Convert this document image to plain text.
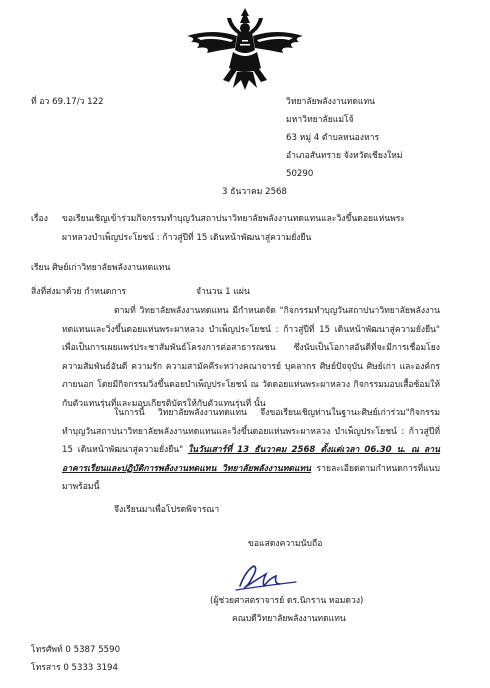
ที่ อว 69.17/ว 122	วิทยาลัยพลังงานทดแทน
มหาวิทยาลัยแม่โจ้
63 หมู่ 4 ตำบลหนองหาร
อำเภอสันทราย จังหวัดเชียงใหม่
50290
3 ธันวาคม 2568
เรื่อง ขอเรียนเชิญเข้าร่วมกิจกรรมทำบุญวันสถาปนาวิทยาลัยพลังงานทดแทนและวิงขึ้นดอยแห่นพระ
ผาหลวงบำเพ็ญประโยชน์ : ก้าวสู่ปีที่ 15 เดินหน้าพัฒนาสู่ความยั่งยืน
เรียน ศิษย์เก่าวิทยาลัยพลังงานทดแทน
สิ่งที่ส่งมาด้วย กำหนดการ	จำนวน 1 แผ่น
ตามที่ วิทยาลัยพลังงานทดแทน มีกำหนดจัด "กิจกรรมทำบุญวันสถาปนาวิทยาลัยพลังงานทดแทนและวิ่งขึ้นดอยแห่นพระผาหลวง บำเพ็ญประโยชน์ : ก้าวสู่ปีที่ 15 เดินหน้าพัฒนาสู่ความยั่งยืน" เพื่อเป็นการเผยแพร่ประชาสัมพันธ์โครงการต่อสาธารณชน ซึ่งนับเป็นโอกาสอันดีที่จะมีการเชื่อมโยงความสัมพันธ์อันดี ความรัก ความสามัคคีระหว่างคณาจารย์ บุคลากร ศิษย์ปัจจุบัน ศิษย์เก่า และองค์กรภายนอก โดยมีกิจกรรมวิ่งขึ้นดอยบำเพ็ญประโยชน์ ณ วัดดอยแห่นพระผาหลวง กิจกรรมมอบเสื้อซ้อมให้กับตัวแทนรุ่นที่และมอบเกียรติบัตรให้กับตัวแทนรุ่นที่ นั้น
ในการนี้ วิทยาลัยพลังงานทดแทน จึงขอเรียนเชิญท่านในฐานะศิษย์เก่าร่วม"กิจกรรมทำบุญวันสถาปนาวิทยาลัยพลังงานทดแทนและวิ่งขึ้นดอยแห่นพระผาหลวง บำเพ็ญประโยชน์ : ก้าวสู่ปีที่ 15 เดินหน้าพัฒนาสู่ความยั่งยืน" ในวันเสาร์ที่ 13 ธันวาคม 2568 ตั้งแต่เวลา 06.30 น. ณ ลานอาคารเรียนและปฏิบัติการพลังงานทดแทน วิทยาลัยพลังงานทดแทน รายละเอียดตามกำหนดการที่แนบมาพร้อมนี้
จึงเรียนมาเพื่อโปรดพิจารณา
ขอแสดงความนับถือ
(ผู้ช่วยศาสตราจารย์ ดร.นิกราน หอมดวง)
คณบดีวิทยาลัยพลังงานทดแทน
โทรศัพท์ 0 5387 5590
โทรสาร 0 5333 3194
